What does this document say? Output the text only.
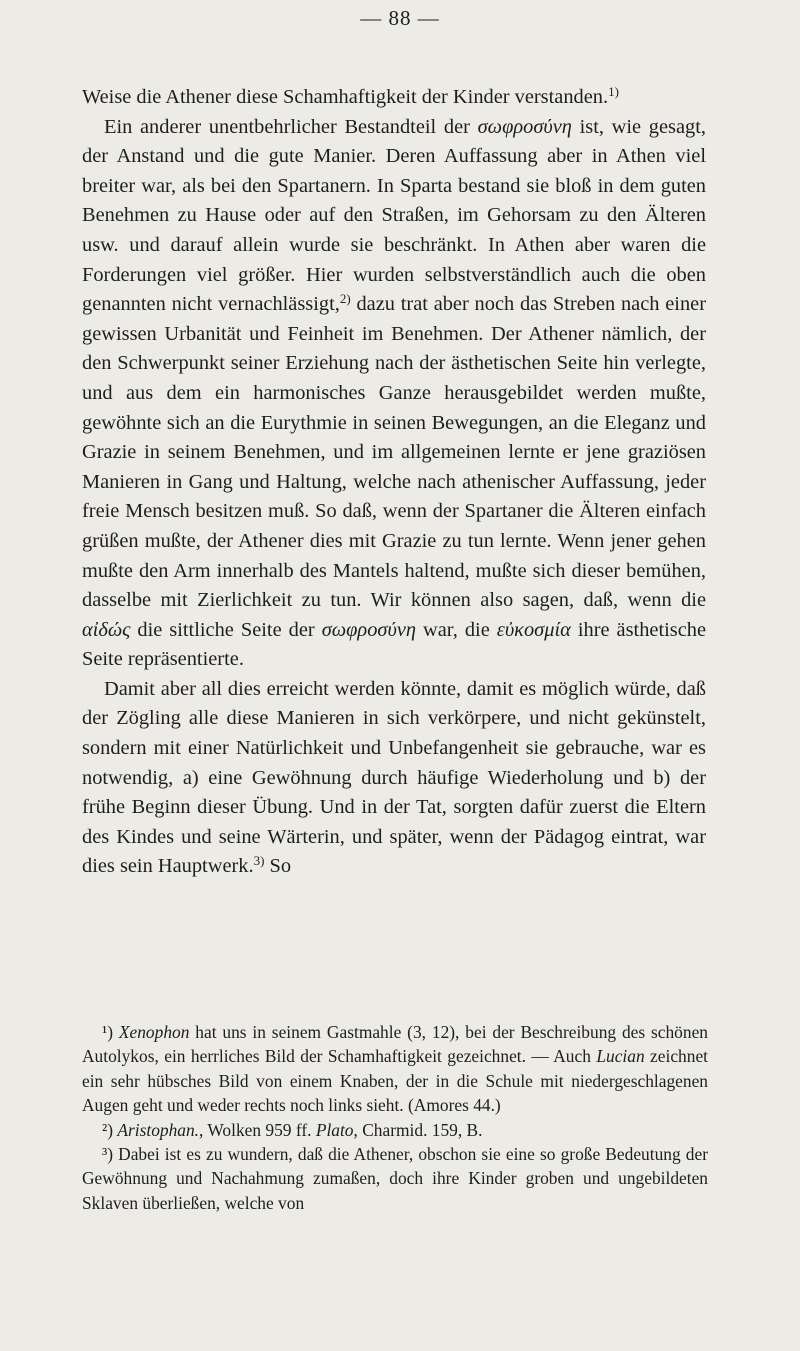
— 88 —

Weise die Athener diese Schamhaftigkeit der Kinder verstanden.$^{1)}$

Ein anderer unentbehrlicher Bestandteil der σωφροσύνη ist, wie gesagt, der Anstand und die gute Manier. Deren Auffassung aber in Athen viel breiter war, als bei den Spartanern. In Sparta bestand sie bloß in dem guten Benehmen zu Hause oder auf den Straßen, im Gehorsam zu den Älteren usw. und darauf allein wurde sie beschränkt. In Athen aber waren die Forderungen viel größer. Hier wurden selbstverständlich auch die oben genannten nicht vernachlässigt,$^{2)}$ dazu trat aber noch das Streben nach einer gewissen Urbanität und Feinheit im Benehmen. Der Athener nämlich, der den Schwerpunkt seiner Erziehung nach der ästhetischen Seite hin verlegte, und aus dem ein harmonisches Ganze herausgebildet werden mußte, gewöhnte sich an die Eurythmie in seinen Bewegungen, an die Eleganz und Grazie in seinem Benehmen, und im allgemeinen lernte er jene graziösen Manieren in Gang und Haltung, welche nach athenischer Auffassung, jeder freie Mensch besitzen muß. So daß, wenn der Spartaner die Älteren einfach grüßen mußte, der Athener dies mit Grazie zu tun lernte. Wenn jener gehen mußte den Arm innerhalb des Mantels haltend, mußte sich dieser bemühen, dasselbe mit Zierlichkeit zu tun. Wir können also sagen, daß, wenn die αἰδώς die sittliche Seite der σωφροσύνη war, die εὐκοσμία ihre ästhetische Seite repräsentierte.

Damit aber all dies erreicht werden könnte, damit es möglich würde, daß der Zögling alle diese Manieren in sich verkörpere, und nicht gekünstelt, sondern mit einer Natürlichkeit und Unbefangenheit sie gebrauche, war es notwendig, a) eine Gewöhnung durch häufige Wiederholung und b) der frühe Beginn dieser Übung. Und in der Tat, sorgten dafür zuerst die Eltern des Kindes und seine Wärterin, und später, wenn der Pädagog eintrat, war dies sein Hauptwerk.$^{3)}$ So

¹) Xenophon hat uns in seinem Gastmahle (3, 12), bei der Beschreibung des schönen Autolykos, ein herrliches Bild der Schamhaftigkeit gezeichnet. — Auch Lucian zeichnet ein sehr hübsches Bild von einem Knaben, der in die Schule mit niedergeschlagenen Augen geht und weder rechts noch links sieht. (Amores 44.)

²) Aristophan., Wolken 959 ff. Plato, Charmid. 159, B.

³) Dabei ist es zu wundern, daß die Athener, obschon sie eine so große Bedeutung der Gewöhnung und Nachahmung zumaßen, doch ihre Kinder groben und ungebildeten Sklaven überließen, welche von
